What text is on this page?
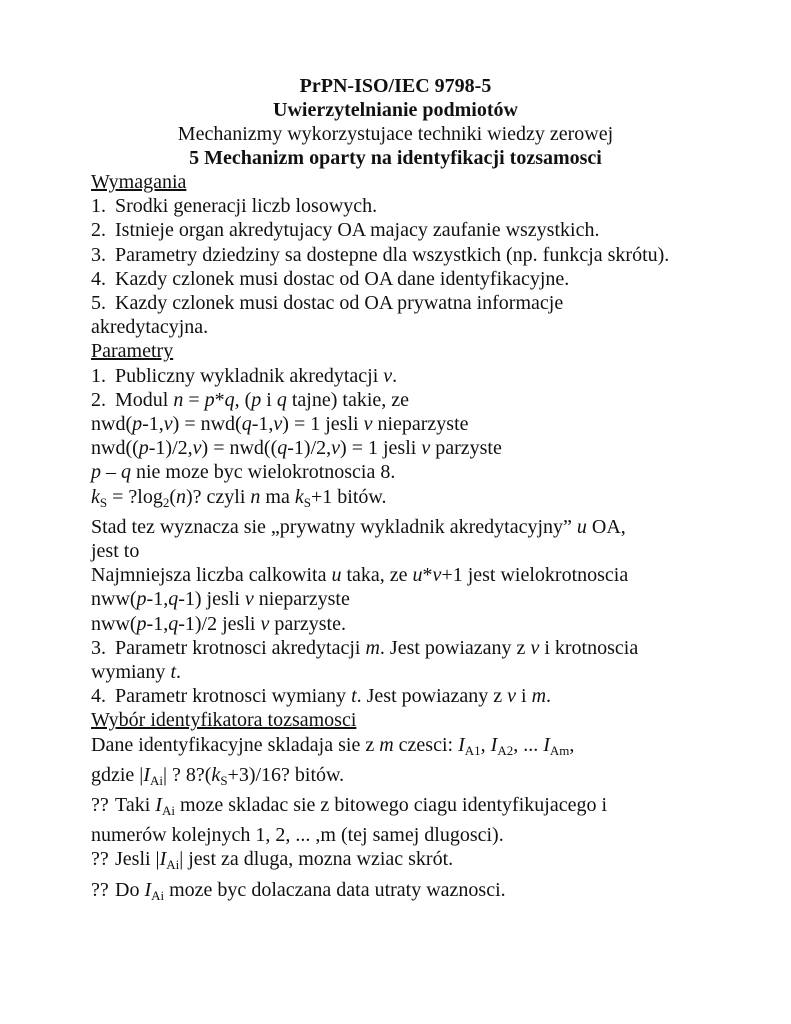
PrPN-ISO/IEC 9798-5
Uwierzytelnianie podmiotów
Mechanizmy wykorzystujace techniki wiedzy zerowej
5 Mechanizm oparty na identyfikacji tozsamosci

Wymagania

1. Srodki generacji liczb losowych.

2. Istnieje organ akredytujacy OA majacy zaufanie wszystkich.

3. Parametry dziedziny sa dostepne dla wszystkich (np. funkcja skrótu).

4. Kazdy czlonek musi dostac od OA dane identyfikacyjne.

5. Kazdy czlonek musi dostac od OA prywatna informacje

akredytacyjna.

Parametry

1. Publiczny wykladnik akredytacji v.

2. Modul n = p*q, (p i q tajne) takie, ze

nwd(p-1,v) = nwd(q-1,v) = 1 jesli v nieparzyste

nwd((p-1)/2,v) = nwd((q-1)/2,v) = 1 jesli v parzyste

p – q nie moze byc wielokrotnoscia 8.

$k_S$ = $?\log_2(n)$? czyli n ma $k_S+1$ bitów.

Stad tez wyznacza sie „prywatny wykladnik akredytacyjny” u OA,

jest to

Najmniejsza liczba calkowita u taka, ze u*v+1 jest wielokrotnoscia

nww(p-1,q-1) jesli v nieparzyste

nww(p-1,q-1)/2 jesli v parzyste.

3. Parametr krotnosci akredytacji m. Jest powiazany z v i krotnoscia

wymiany t.

4. Parametr krotnosci wymiany t. Jest powiazany z v i m.

Wybór identyfikatora tozsamosci

Dane identyfikacyjne skladaja sie z m czesci: $I_{A1}$, $I_{A2}$, ... $I_{Am}$,

gdzie $|I_{Ai}|$ ? $8?(k_S+3)/16$? bitów.

?? Taki $I_{Ai}$ moze skladac sie z bitowego ciagu identyfikujacego i

numerów kolejnych 1, 2, ... ,m (tej samej dlugosci).

?? Jesli $|I_{Ai}|$ jest za dluga, mozna wziac skrót.

?? Do $I_{Ai}$ moze byc dolaczana data utraty waznosci.
